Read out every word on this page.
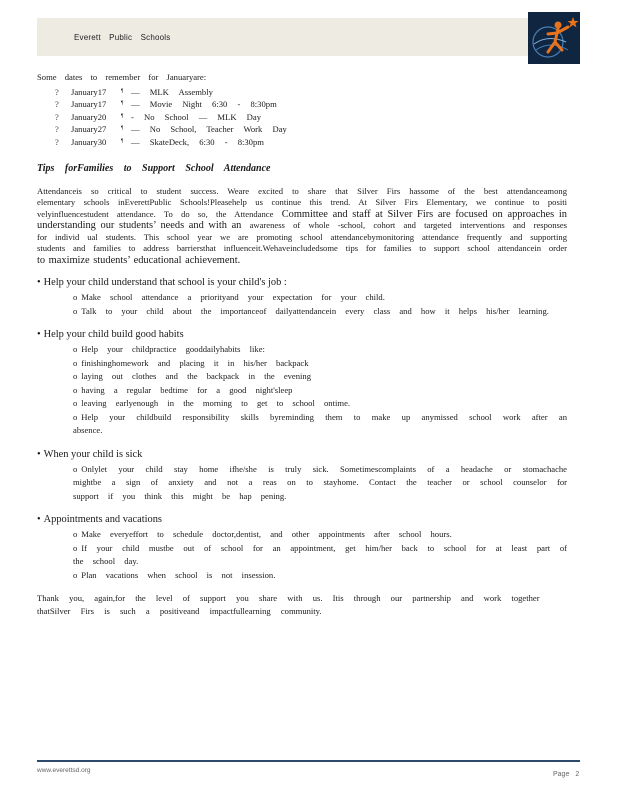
Everett Public Schools
Some dates to remember for Januaryare:
?	January17	¶ — MLK Assembly
?	January17	¶ — Movie Night 6:30 - 8:30pm
?	January20	¶ - No School — MLK Day
?	January27	¶ — No School, Teacher Work Day
?	January30	¶ — SkateDeck, 6:30 - 8:30pm
Tips forFamilies to Support School Attendance
Attendanceis so critical to student success. Weare excited to share that Silver Firs hassome of the best attendanceamong elementary schools inEverettPublic Schools!Pleasehelp us continue this trend. At Silver Firs Elementary, we continue to positi velyinfluencestudent attendance. To do so, the Attendance Committee and staff at Silver Firs are focused on approaches in understanding our students’ needs and with an awareness of whole -school, cohort and targeted interventions and responses for individ ual students. This school year we are promoting school attendancebymonitoring attendance frequently and supporting students and families to address barriersthat influenceit.Wehaveincludedsome tips for families to support school attendancein order to maximize students’ educational achievement.
• Help your child understand that school is your child's job :
o Make school attendance a priorityand your expectation for your child.
o Talk to your child about the importanceof dailyattendancein every class and how it helps his/her learning.
• Help your child build good habits
o Help your childpractice gooddailyhabits like:
o finishinghomework and placing it in his/her backpack
o laying out clothes and the backpack in the evening
o having a regular bedtime for a good night'sleep
o leaving earlyenough in the morning to get to school ontime.
o Help your childbuild responsibility skills byreminding them to make up anymissed school work after an absence.
• When your child is sick
o Onlylet your child stay home ifhe/she is truly sick. Sometimescomplaints of a headache or stomachache mightbe a sign of anxiety and not a reas on to stayhome. Contact the teacher or school counselor for support if you think this might be hap pening.
• Appointments and vacations
o Make everyeffort to schedule doctor,dentist, and other appointments after school hours.
o If your child mustbe out of school for an appointment, get him/her back to school for at least part of the school day.
o Plan vacations when school is not insession.
Thank you, again,for the level of support you share with us. Itis through our partnership and work together thatSilver Firs is such a positiveand impactfullearning community.
www.everettsd.org
Page 2
